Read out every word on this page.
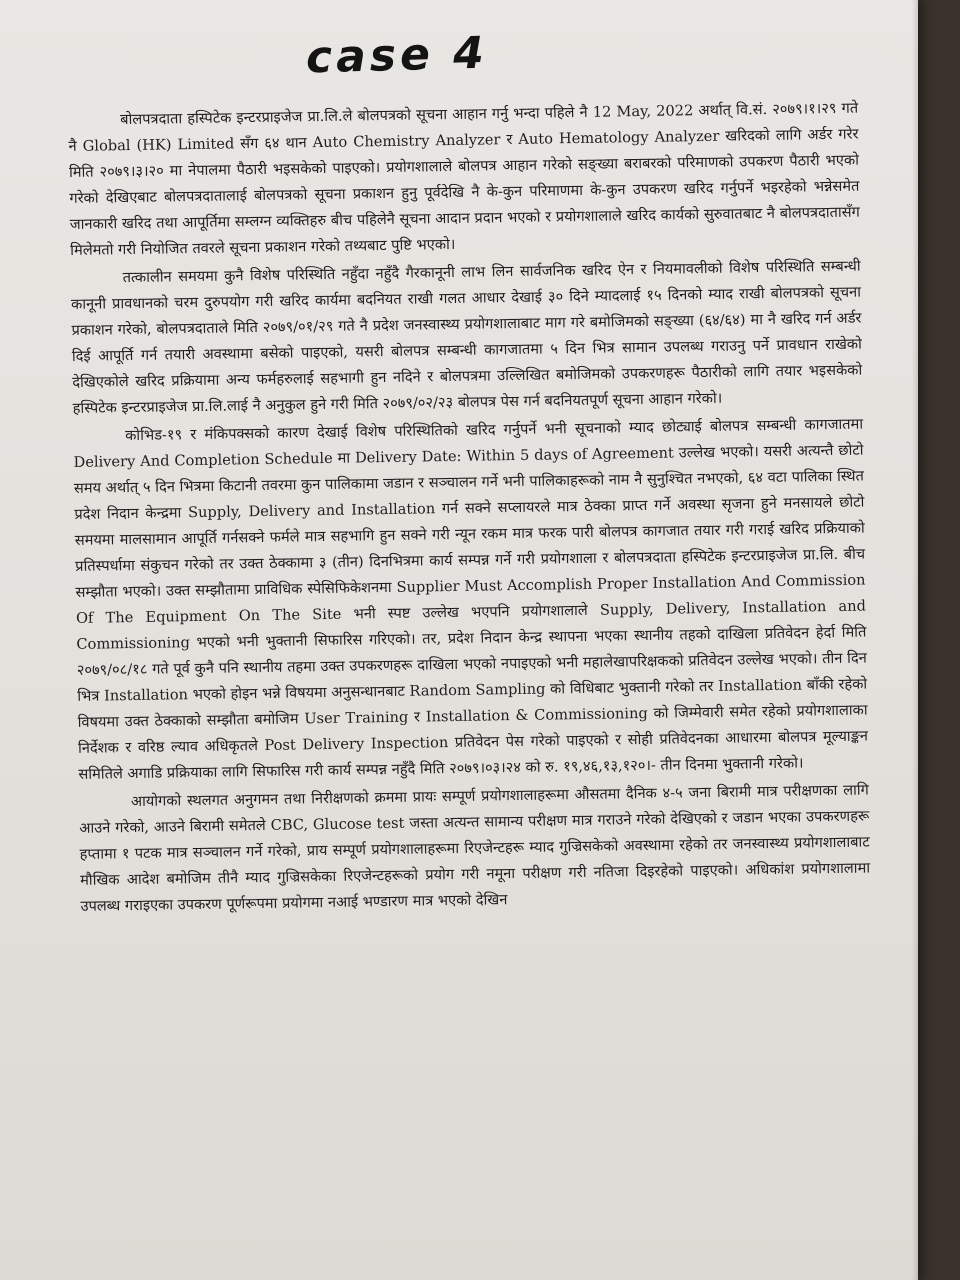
case 4

बोलपत्रदाता हस्पिटेक इन्टरप्राइजेज प्रा.लि.ले बोलपत्रको सूचना आहान गर्नु भन्दा पहिले नै 12 May, 2022 अर्थात् वि.सं. २०७९।१।२९ गते नै Global (HK) Limited सँग ६४ थान Auto Chemistry Analyzer र Auto Hematology Analyzer खरिदको लागि अर्डर गरेर मिति २०७९।३।२० मा नेपालमा पैठारी भइसकेको पाइएको। प्रयोगशालाले बोलपत्र आहान गरेको सङ्ख्या बराबरको परिमाणको उपकरण पैठारी भएको गरेको देखिएबाट बोलपत्रदातालाई बोलपत्रको सूचना प्रकाशन हुनु पूर्वदेखि नै के-कुन परिमाणमा के-कुन उपकरण खरिद गर्नुपर्ने भइरहेको भन्नेसमेत जानकारी खरिद तथा आपूर्तिमा सम्लग्न व्यक्तिहरु बीच पहिलेनै सूचना आदान प्रदान भएको र प्रयोगशालाले खरिद कार्यको सुरुवातबाट नै बोलपत्रदातासँग मिलेमतो गरी नियोजित तवरले सूचना प्रकाशन गरेको तथ्यबाट पुष्टि भएको।

तत्कालीन समयमा कुनै विशेष परिस्थिति नहुँदा नहुँदै गैरकानूनी लाभ लिन सार्वजनिक खरिद ऐन र नियमावलीको विशेष परिस्थिति सम्बन्धी कानूनी प्रावधानको चरम दुरुपयोग गरी खरिद कार्यमा बदनियत राखी गलत आधार देखाई ३० दिने म्यादलाई १५ दिनको म्याद राखी बोलपत्रको सूचना प्रकाशन गरेको, बोलपत्रदाताले मिति २०७९/०१/२९ गते नै प्रदेश जनस्वास्थ्य प्रयोगशालाबाट माग गरे बमोजिमको सङ्ख्या (६४/६४) मा नै खरिद गर्न अर्डर दिई आपूर्ति गर्न तयारी अवस्थामा बसेको पाइएको, यसरी बोलपत्र सम्बन्धी कागजातमा ५ दिन भित्र सामान उपलब्ध गराउनु पर्ने प्रावधान राखेको देखिएकोले खरिद प्रक्रियामा अन्य फर्महरुलाई सहभागी हुन नदिने र बोलपत्रमा उल्लिखित बमोजिमको उपकरणहरू पैठारीको लागि तयार भइसकेको हस्पिटेक इन्टरप्राइजेज प्रा.लि.लाई नै अनुकुल हुने गरी मिति २०७९/०२/२३ बोलपत्र पेस गर्न बदनियतपूर्ण सूचना आहान गरेको।

कोभिड-१९ र मंकिपक्सको कारण देखाई विशेष परिस्थितिको खरिद गर्नुपर्ने भनी सूचनाको म्याद छोट्याई बोलपत्र सम्बन्धी कागजातमा Delivery And Completion Schedule मा Delivery Date: Within 5 days of Agreement उल्लेख भएको। यसरी अत्यन्तै छोटो समय अर्थात् ५ दिन भित्रमा किटानी तवरमा कुन पालिकामा जडान र सञ्चालन गर्ने भनी पालिकाहरूको नाम नै सुनुश्चित नभएको, ६४ वटा पालिका स्थित प्रदेश निदान केन्द्रमा Supply, Delivery and Installation गर्न सक्ने सप्लायरले मात्र ठेक्का प्राप्त गर्ने अवस्था सृजना हुने मनसायले छोटो समयमा मालसामान आपूर्ति गर्नसक्ने फर्मले मात्र सहभागि हुन सक्ने गरी न्यून रकम मात्र फरक पारी बोलपत्र कागजात तयार गरी गराई खरिद प्रक्रियाको प्रतिस्पर्धामा संकुचन गरेको तर उक्त ठेक्कामा ३ (तीन) दिनभित्रमा कार्य सम्पन्न गर्ने गरी प्रयोगशाला र बोलपत्रदाता हस्पिटेक इन्टरप्राइजेज प्रा.लि. बीच सम्झौता भएको। उक्त सम्झौतामा प्राविधिक स्पेसिफिकेशनमा Supplier Must Accomplish Proper Installation And Commission Of The Equipment On The Site भनी स्पष्ट उल्लेख भएपनि प्रयोगशालाले Supply, Delivery, Installation and Commissioning भएको भनी भुक्तानी सिफारिस गरिएको। तर, प्रदेश निदान केन्द्र स्थापना भएका स्थानीय तहको दाखिला प्रतिवेदन हेर्दा मिति २०७९/०८/१८ गते पूर्व कुनै पनि स्थानीय तहमा उक्त उपकरणहरू दाखिला भएको नपाइएको भनी महालेखापरिक्षकको प्रतिवेदन उल्लेख भएको। तीन दिन भित्र Installation भएको होइन भन्ने विषयमा अनुसन्धानबाट Random Sampling को विधिबाट भुक्तानी गरेको तर Installation बाँकी रहेको विषयमा उक्त ठेक्काको सम्झौता बमोजिम User Training र Installation & Commissioning को जिम्मेवारी समेत रहेको प्रयोगशालाका निर्देशक र वरिष्ठ ल्याव अधिकृतले Post Delivery Inspection प्रतिवेदन पेस गरेको पाइएको र सोही प्रतिवेदनका आधारमा बोलपत्र मूल्याङ्कन समितिले अगाडि प्रक्रियाका लागि सिफारिस गरी कार्य सम्पन्न नहुँदै मिति २०७९।०३।२४ को रु. १९,४६,१३,१२०।- तीन दिनमा भुक्तानी गरेको।

आयोगको स्थलगत अनुगमन तथा निरीक्षणको क्रममा प्रायः सम्पूर्ण प्रयोगशालाहरूमा औसतमा दैनिक ४-५ जना बिरामी मात्र परीक्षणका लागि आउने गरेको, आउने बिरामी समेतले CBC, Glucose test जस्ता अत्यन्त सामान्य परीक्षण मात्र गराउने गरेको देखिएको र जडान भएका उपकरणहरू हप्तामा १ पटक मात्र सञ्चालन गर्ने गरेको, प्राय सम्पूर्ण प्रयोगशालाहरूमा रिएजेन्टहरू म्याद गुज्रिसकेको अवस्थामा रहेको तर जनस्वास्थ्य प्रयोगशालाबाट मौखिक आदेश बमोजिम तीनै म्याद गुज्रिसकेका रिएजेन्टहरूको प्रयोग गरी नमूना परीक्षण गरी नतिजा दिइरहेको पाइएको। अधिकांश प्रयोगशालामा उपलब्ध गराइएका उपकरण पूर्णरूपमा प्रयोगमा नआई भण्डारण मात्र भएको देखिन
